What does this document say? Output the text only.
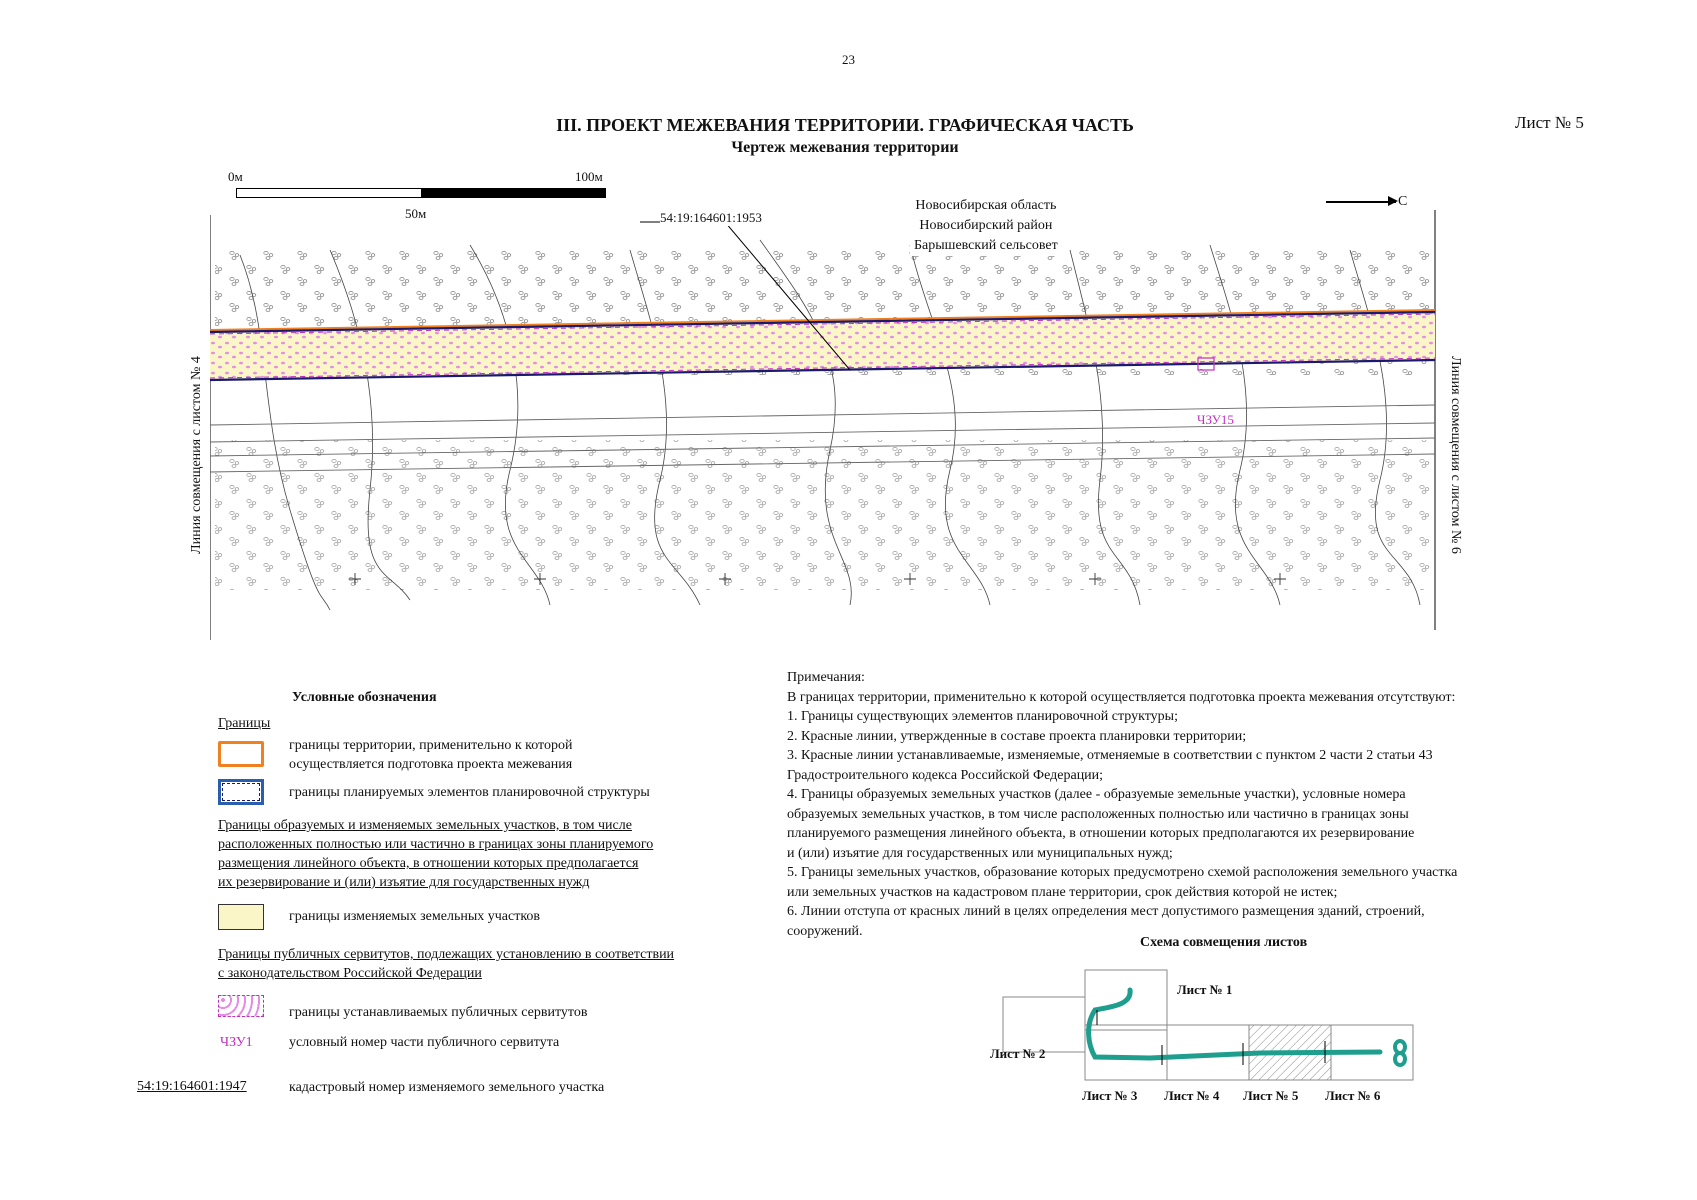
23
III. ПРОЕКТ МЕЖЕВАНИЯ ТЕРРИТОРИИ. ГРАФИЧЕСКАЯ ЧАСТЬ
Чертеж межевания территории
Лист № 5
0м
50м
100м
Новосибирская область
Новосибирский район
Барышевский сельсовет
54:19:164601:1953
С
Линия совмещения с листом № 4	Линия совмещения с листом № 6
ЧЗУ15
Условные обозначения
Границы
границы территории, применительно к которой
осуществляется подготовка проекта межевания
границы планируемых элементов планировочной структуры
Границы образуемых и изменяемых земельных участков, в том числе
расположенных полностью или частично в границах зоны планируемого
размещения линейного объекта, в отношении которых предполагается
их резервирование и (или) изъятие для государственных нужд
границы изменяемых земельных участков
Границы публичных сервитутов, подлежащих установлению в соответствии
с законодательством Российской Федерации
границы устанавливаемых публичных сервитутов
ЧЗУ1	условный номер части публичного сервитута
54:19:164601:1947	кадастровый номер изменяемого земельного участка
Примечания:
В границах территории, применительно к которой осуществляется подготовка проекта межевания отсутствуют:
1. Границы существующих элементов планировочной структуры;
2. Красные линии, утвержденные в составе проекта планировки территории;
3. Красные линии устанавливаемые, изменяемые, отменяемые в соответствии с пунктом 2 части 2 статьи 43
Градостроительного кодекса Российской Федерации;
4. Границы образуемых земельных участков (далее - образуемые земельные участки), условные номера
образуемых земельных участков, в том числе расположенных полностью или частично в границах зоны
планируемого размещения линейного объекта, в отношении которых предполагаются их резервирование
и (или) изъятие для государственных или муниципальных нужд;
5. Границы земельных участков, образование которых предусмотрено схемой расположения земельного участка
или земельных участков на кадастровом плане территории, срок действия которой не истек;
6. Линии отступа от красных линий в целях определения мест допустимого размещения зданий, строений,
сооружений.
Схема совмещения листов
Лист № 1
Лист № 2
Лист № 3 Лист № 4 Лист № 5 Лист № 6
